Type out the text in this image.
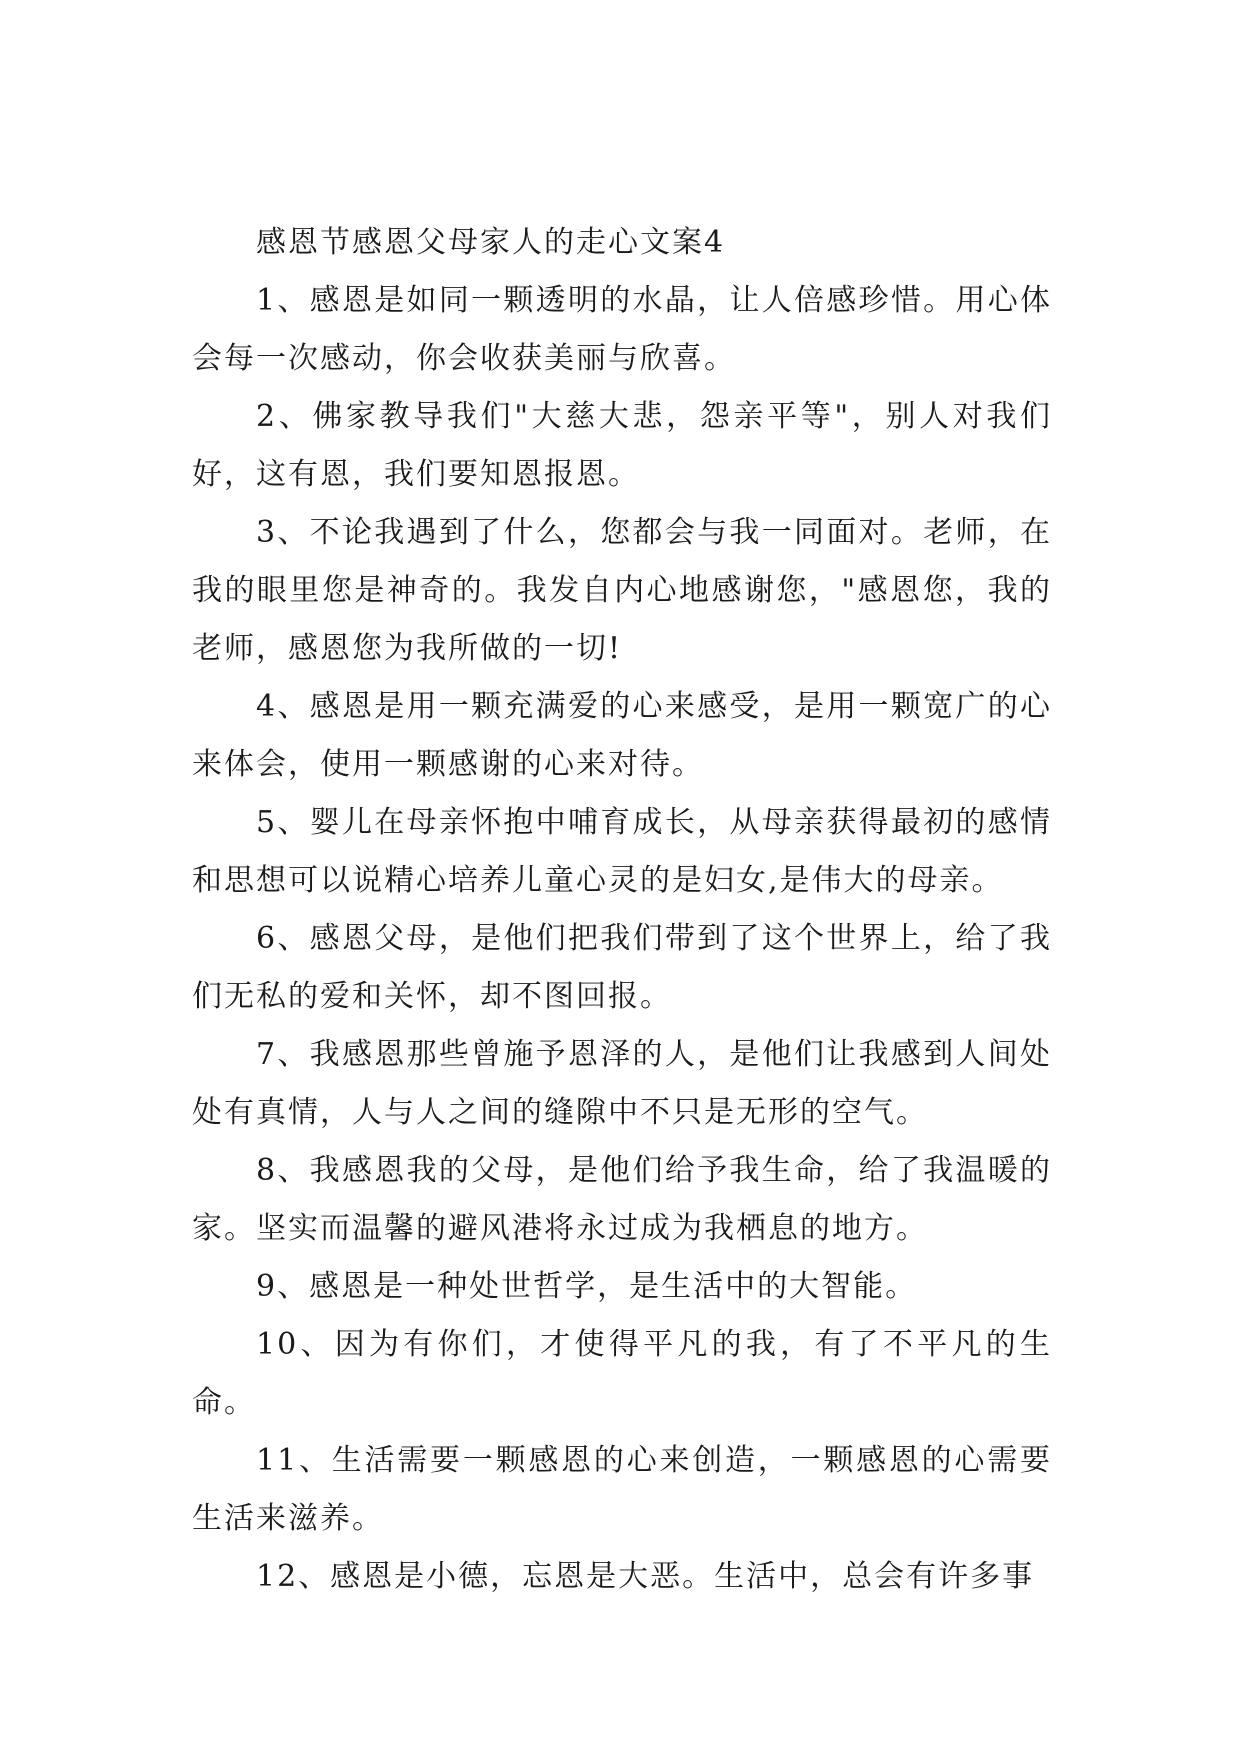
感恩节感恩父母家人的走心文案4

1、感恩是如同一颗透明的水晶，让人倍感珍惜。用心体会每一次感动，你会收获美丽与欣喜。

2、佛家教导我们"大慈大悲，怨亲平等"，别人对我们好，这有恩，我们要知恩报恩。

3、不论我遇到了什么，您都会与我一同面对。老师，在我的眼里您是神奇的。我发自内心地感谢您，"感恩您，我的老师，感恩您为我所做的一切!

4、感恩是用一颗充满爱的心来感受，是用一颗宽广的心来体会，使用一颗感谢的心来对待。

5、婴儿在母亲怀抱中哺育成长，从母亲获得最初的感情和思想可以说精心培养儿童心灵的是妇女,是伟大的母亲。

6、感恩父母，是他们把我们带到了这个世界上，给了我们无私的爱和关怀，却不图回报。

7、我感恩那些曾施予恩泽的人，是他们让我感到人间处处有真情，人与人之间的缝隙中不只是无形的空气。

8、我感恩我的父母，是他们给予我生命，给了我温暖的家。坚实而温馨的避风港将永过成为我栖息的地方。

9、感恩是一种处世哲学，是生活中的大智能。

10、因为有你们，才使得平凡的我，有了不平凡的生命。

11、生活需要一颗感恩的心来创造，一颗感恩的心需要生活来滋养。

12、感恩是小德，忘恩是大恶。生活中，总会有许多事
